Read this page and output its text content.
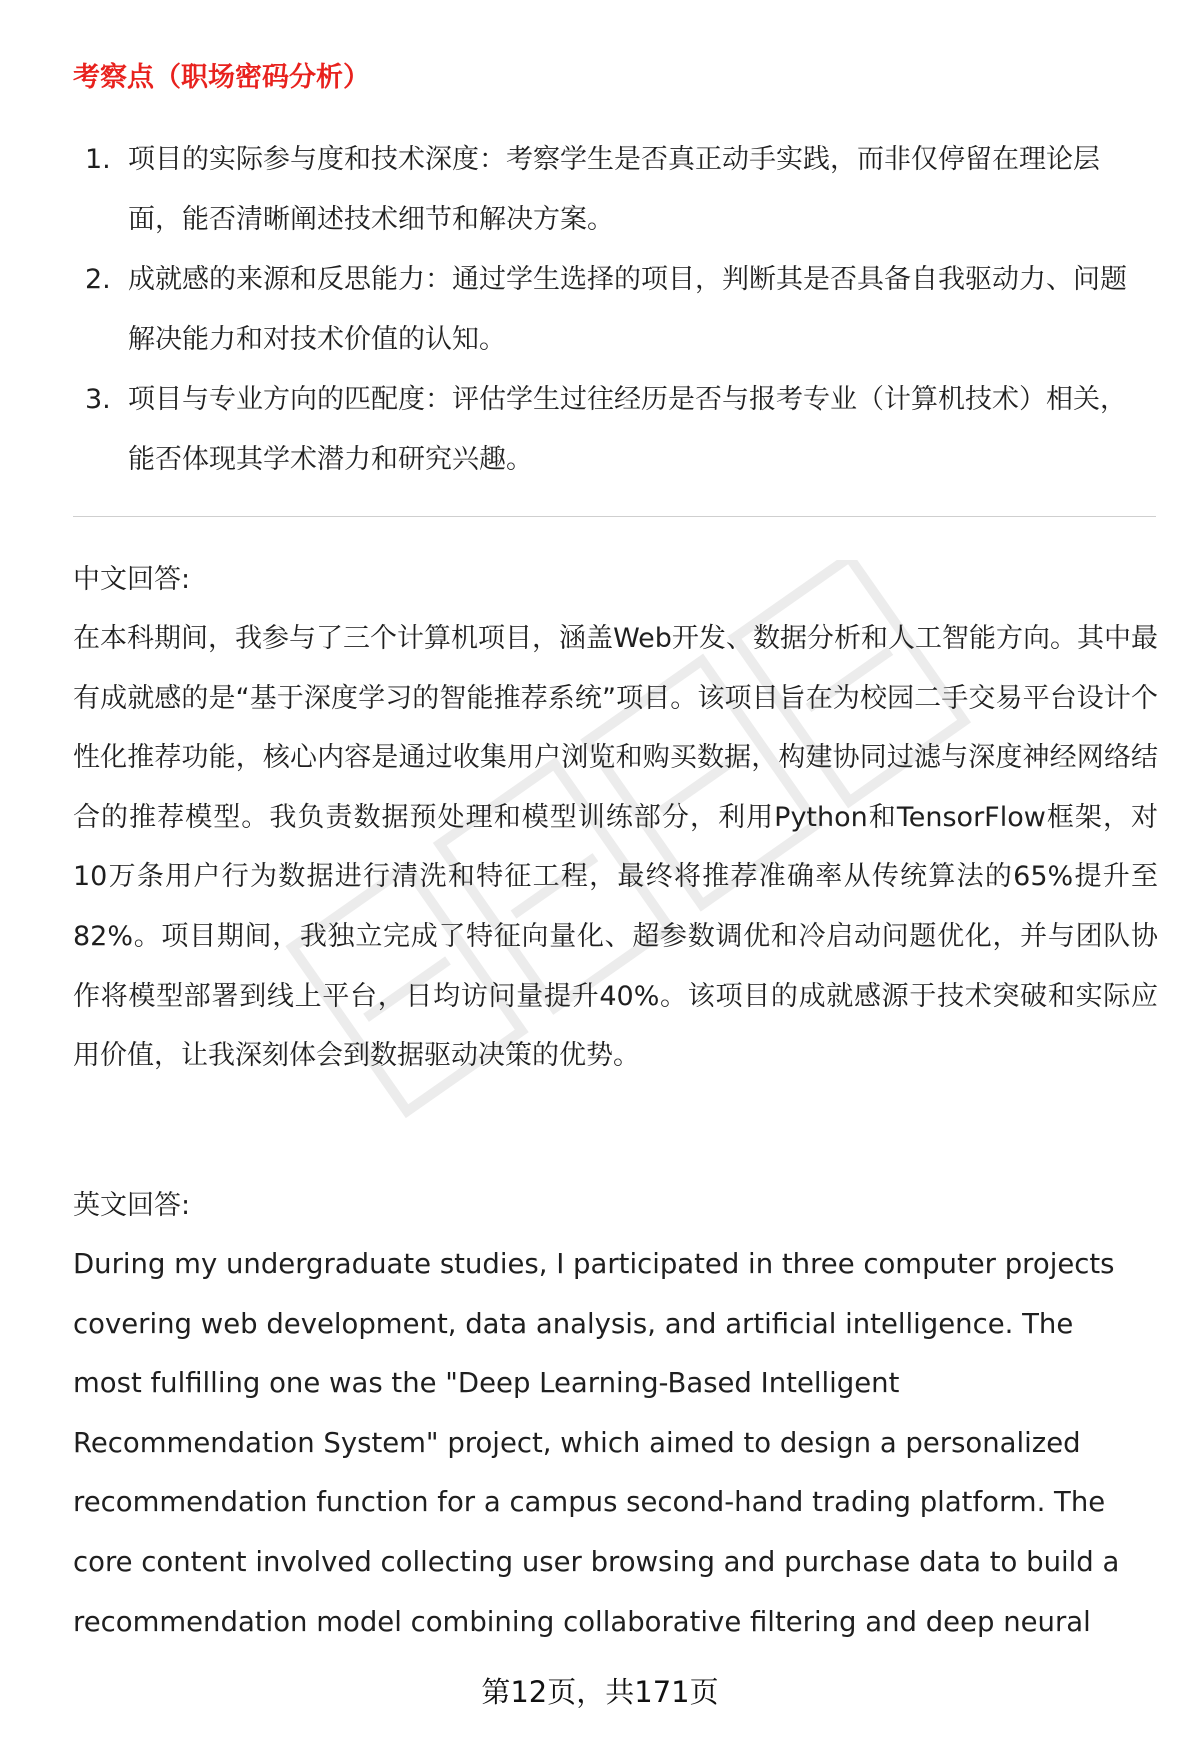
职场密码
考察点（职场密码分析）
1. 项目的实际参与度和技术深度：考察学生是否真正动手实践，而非仅停留在理论层面，能否清晰阐述技术细节和解决方案。
2. 成就感的来源和反思能力：通过学生选择的项目，判断其是否具备自我驱动力、问题解决能力和对技术价值的认知。
3. 项目与专业方向的匹配度：评估学生过往经历是否与报考专业（计算机技术）相关，能否体现其学术潜力和研究兴趣。
中文回答:

在本科期间，我参与了三个计算机项目，涵盖Web开发、数据分析和人工智能方向。其中最有成就感的是“基于深度学习的智能推荐系统”项目。该项目旨在为校园二手交易平台设计个性化推荐功能，核心内容是通过收集用户浏览和购买数据，构建协同过滤与深度神经网络结合的推荐模型。我负责数据预处理和模型训练部分，利用Python和TensorFlow框架，对10万条用户行为数据进行清洗和特征工程，最终将推荐准确率从传统算法的65%提升至82%。项目期间，我独立完成了特征向量化、超参数调优和冷启动问题优化，并与团队协作将模型部署到线上平台，日均访问量提升40%。该项目的成就感源于技术突破和实际应用价值，让我深刻体会到数据驱动决策的优势。

英文回答:
During my undergraduate studies, I participated in three computer projects
covering web development, data analysis, and artificial intelligence. The
most fulfilling one was the "Deep Learning-Based Intelligent
Recommendation System" project, which aimed to design a personalized
recommendation function for a campus second-hand trading platform. The
core content involved collecting user browsing and purchase data to build a
recommendation model combining collaborative filtering and deep neural
第12页，共171页
